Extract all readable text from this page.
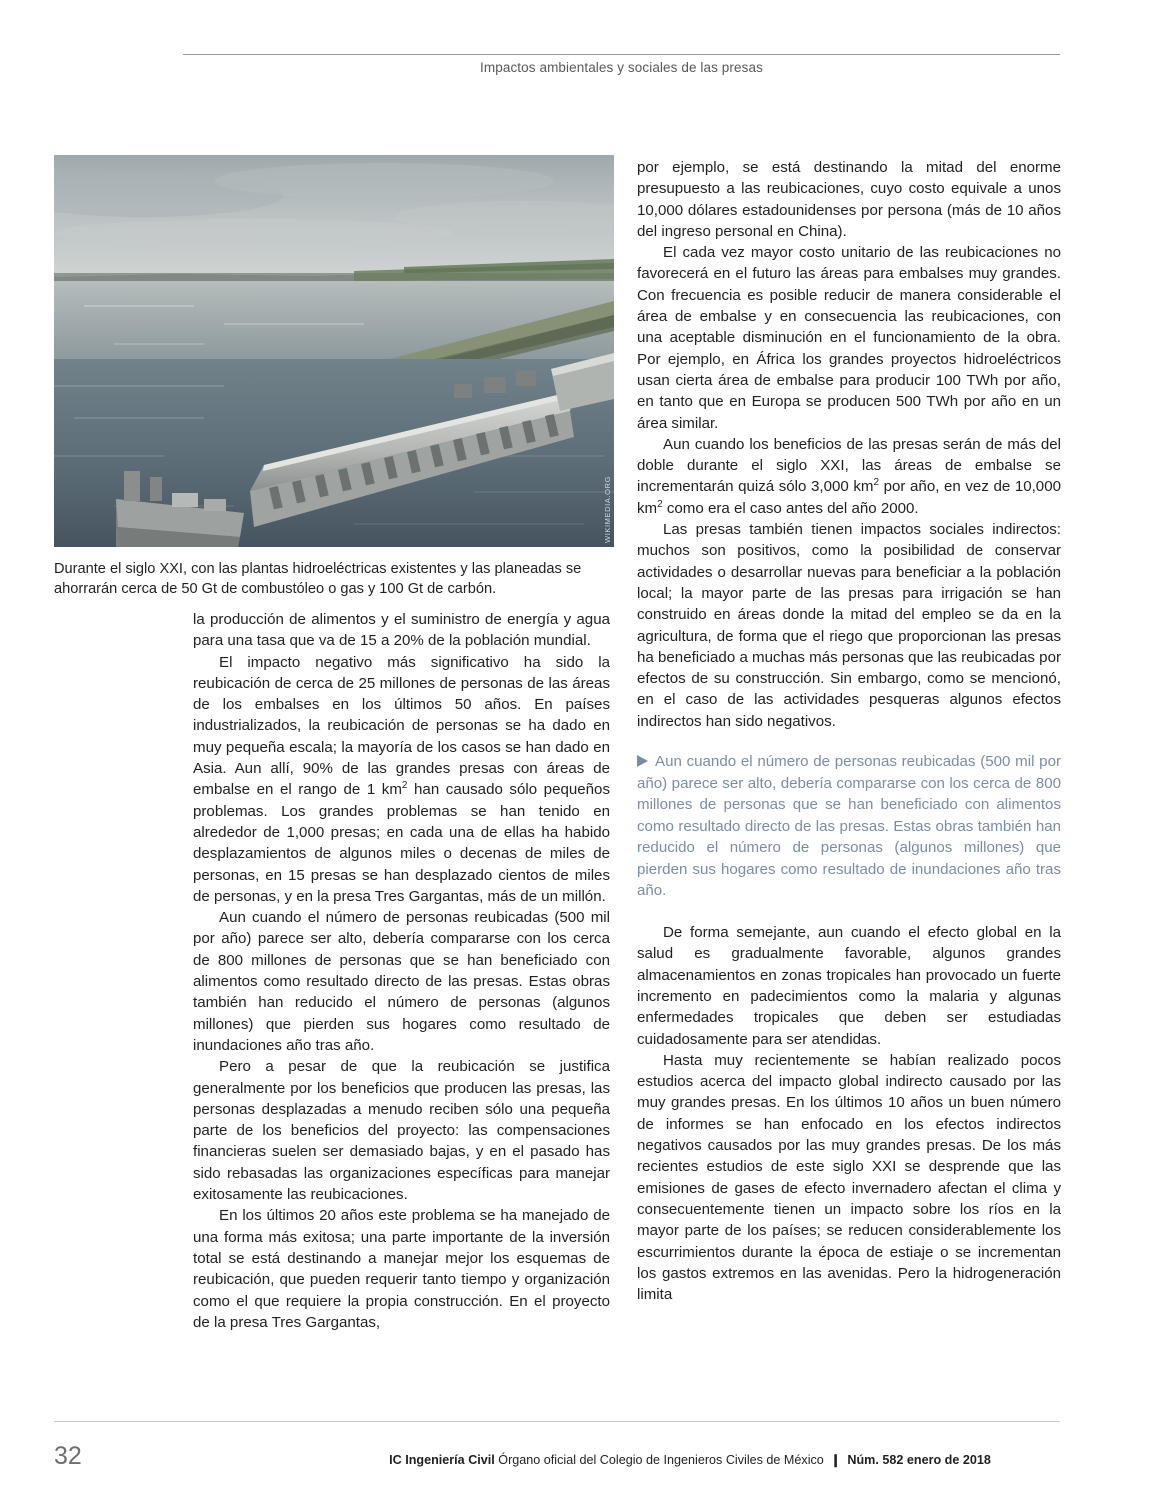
Impactos ambientales y sociales de las presas
WIKIMEDIA.ORG
Durante el siglo XXI, con las plantas hidroeléctricas existentes y las planeadas se ahorrarán cerca de 50 Gt de combustóleo o gas y 100 Gt de carbón.

la producción de alimentos y el suministro de energía y agua para una tasa que va de 15 a 20% de la población mundial.

El impacto negativo más significativo ha sido la reubicación de cerca de 25 millones de personas de las áreas de los embalses en los últimos 50 años. En países industrializados, la reubicación de personas se ha dado en muy pequeña escala; la mayoría de los casos se han dado en Asia. Aun allí, 90% de las grandes presas con áreas de embalse en el rango de 1 $km^2$ han causado sólo pequeños problemas. Los grandes problemas se han tenido en alrededor de 1,000 presas; en cada una de ellas ha habido desplazamientos de algunos miles o decenas de miles de personas, en 15 presas se han desplazado cientos de miles de personas, y en la presa Tres Gargantas, más de un millón.

Aun cuando el número de personas reubicadas (500 mil por año) parece ser alto, debería compararse con los cerca de 800 millones de personas que se han beneficiado con alimentos como resultado directo de las presas. Estas obras también han reducido el número de personas (algunos millones) que pierden sus hogares como resultado de inundaciones año tras año.

Pero a pesar de que la reubicación se justifica generalmente por los beneficios que producen las presas, las personas desplazadas a menudo reciben sólo una pequeña parte de los beneficios del proyecto: las compensaciones financieras suelen ser demasiado bajas, y en el pasado has sido rebasadas las organizaciones específicas para manejar exitosamente las reubicaciones.

En los últimos 20 años este problema se ha manejado de una forma más exitosa; una parte importante de la inversión total se está destinando a manejar mejor los esquemas de reubicación, que pueden requerir tanto tiempo y organización como el que requiere la propia construcción. En el proyecto de la presa Tres Gargantas,

por ejemplo, se está destinando la mitad del enorme presupuesto a las reubicaciones, cuyo costo equivale a unos 10,000 dólares estadounidenses por persona (más de 10 años del ingreso personal en China).

El cada vez mayor costo unitario de las reubicaciones no favorecerá en el futuro las áreas para embalses muy grandes. Con frecuencia es posible reducir de manera considerable el área de embalse y en consecuencia las reubicaciones, con una aceptable disminución en el funcionamiento de la obra. Por ejemplo, en África los grandes proyectos hidroeléctricos usan cierta área de embalse para producir 100 TWh por año, en tanto que en Europa se producen 500 TWh por año en un área similar.

Aun cuando los beneficios de las presas serán de más del doble durante el siglo XXI, las áreas de embalse se incrementarán quizá sólo 3,000 $km^2$ por año, en vez de 10,000 $km^2$ como era el caso antes del año 2000.

Las presas también tienen impactos sociales indirectos: muchos son positivos, como la posibilidad de conservar actividades o desarrollar nuevas para beneficiar a la población local; la mayor parte de las presas para irrigación se han construido en áreas donde la mitad del empleo se da en la agricultura, de forma que el riego que proporcionan las presas ha beneficiado a muchas más personas que las reubicadas por efectos de su construcción. Sin embargo, como se mencionó, en el caso de las actividades pesqueras algunos efectos indirectos han sido negativos.

Aun cuando el número de personas reubicadas (500 mil por año) parece ser alto, debería compararse con los cerca de 800 millones de personas que se han beneficiado con alimentos como resultado directo de las presas. Estas obras también han reducido el número de personas (algunos millones) que pierden sus hogares como resultado de inundaciones año tras año.

De forma semejante, aun cuando el efecto global en la salud es gradualmente favorable, algunos grandes almacenamientos en zonas tropicales han provocado un fuerte incremento en padecimientos como la malaria y algunas enfermedades tropicales que deben ser estudiadas cuidadosamente para ser atendidas.

Hasta muy recientemente se habían realizado pocos estudios acerca del impacto global indirecto causado por las muy grandes presas. En los últimos 10 años un buen número de informes se han enfocado en los efectos indirectos negativos causados por las muy grandes presas. De los más recientes estudios de este siglo XXI se desprende que las emisiones de gases de efecto invernadero afectan el clima y consecuentemente tienen un impacto sobre los ríos en la mayor parte de los países; se reducen considerablemente los escurrimientos durante la época de estiaje o se incrementan los gastos extremos en las avenidas. Pero la hidrogeneración limita

32	IC Ingeniería Civil Órgano oficial del Colegio de Ingenieros Civiles de México ❙ Núm. 582 enero de 2018
